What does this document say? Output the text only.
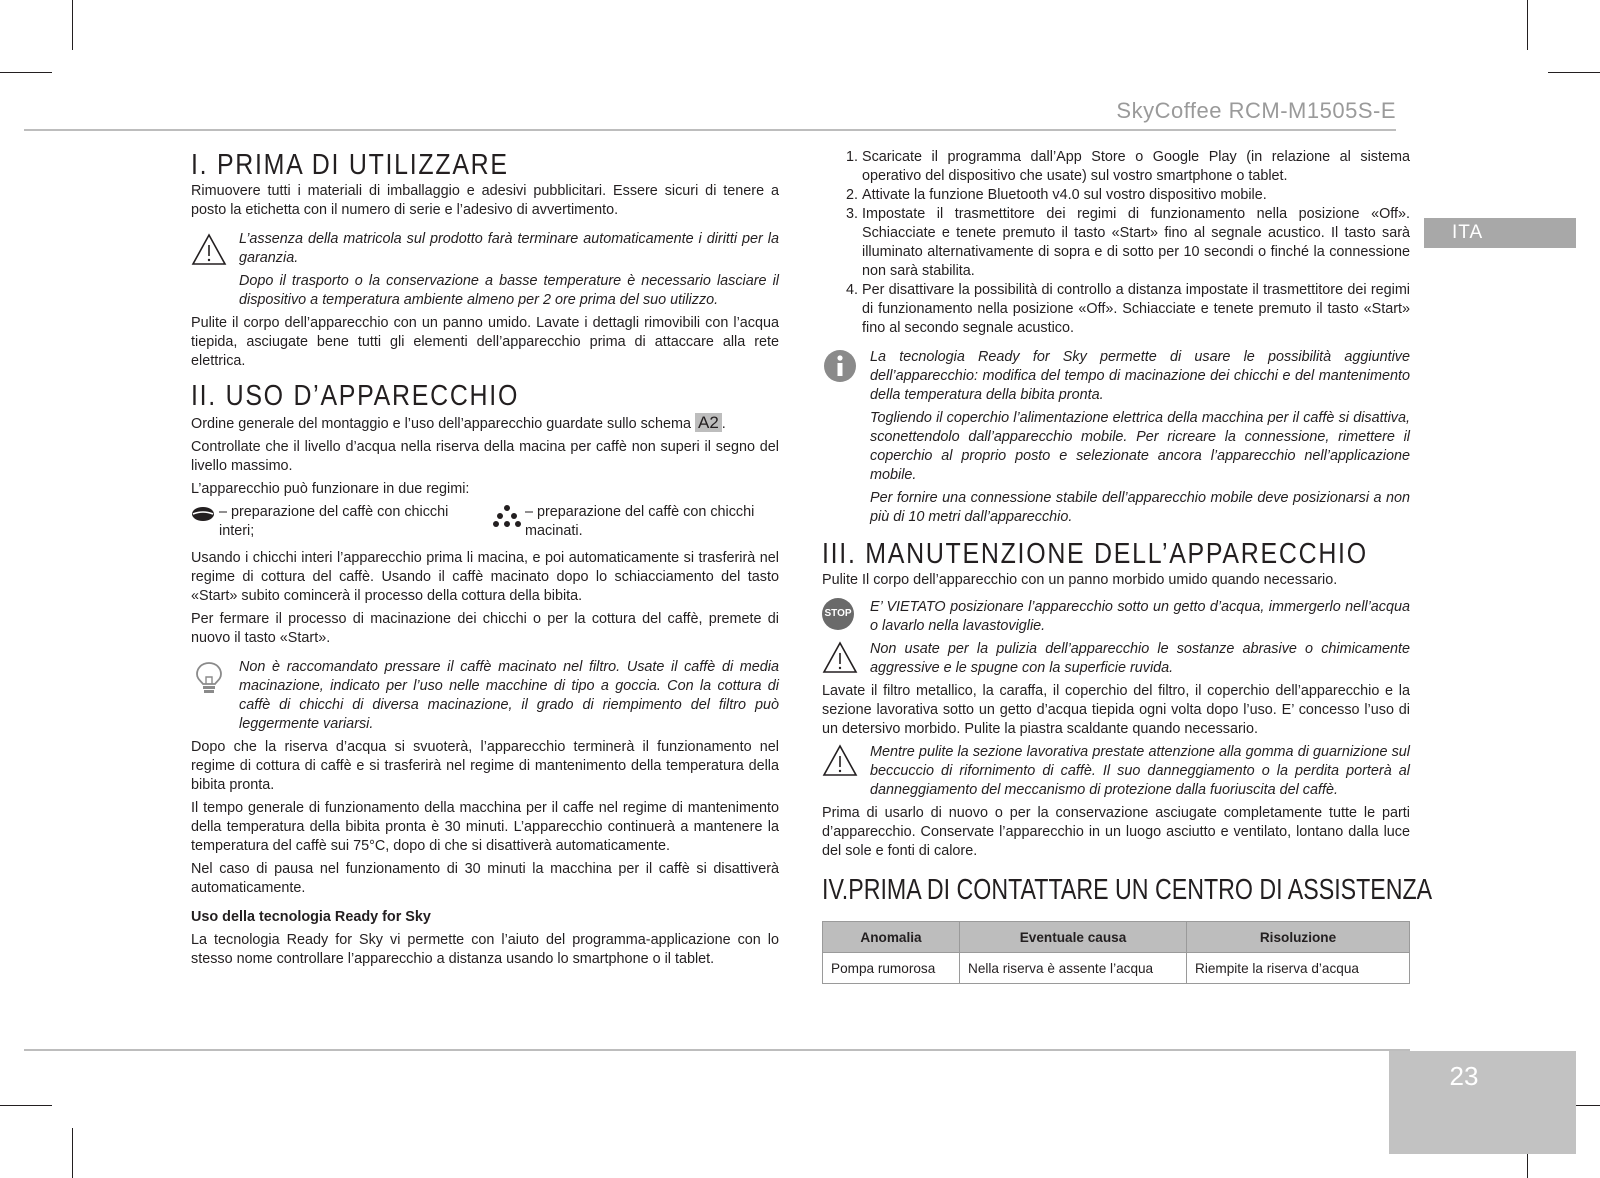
SkyCoffee RCM-M1505S-E
ITA
23
I. PRIMA DI UTILIZZARE

Rimuovere tutti i materiali di imballaggio e adesivi pubblicitari. Essere sicuri di tenere a posto la etichetta con il numero di serie e l’adesivo di avvertimento.

L’assenza della matricola sul prodotto farà terminare automaticamente i diritti per la garanzia.

Dopo il trasporto o la conservazione a basse temperature è necessario lasciare il dispositivo a temperatura ambiente almeno per 2 ore prima del suo utilizzo.

Pulite il corpo dell’apparecchio con un panno umido. Lavate i dettagli rimovibili con l’acqua tiepida, asciugate bene tutti gli elementi dell’apparecchio prima di attaccare alla rete elettrica.

II. USO D’APPARECCHIO

Ordine generale del montaggio e l’uso dell’apparecchio guardate sullo schema A2 .

Controllate che il livello d’acqua nella riserva della macina per caffè non superi il segno del livello massimo.

L’apparecchio può funzionare in due regimi:

– preparazione del caffè con chicchi interi;
– preparazione del caffè con chicchi macinati.

Usando i chicchi interi l’apparecchio prima li macina, e poi automaticamente si trasferirà nel regime di cottura del caffè. Usando il caffè macinato dopo lo schiacciamento del tasto «Start» subito comincerà il processo della cottura della bibita.

Per fermare il processo di macinazione dei chicchi o per la cottura del caffè, premete di nuovo il tasto «Start».

Non è raccomandato pressare il caffè macinato nel filtro. Usate il caffè di media macinazione, indicato per l’uso nelle macchine di tipo a goccia. Con la cottura di caffè di chicchi di diversa macinazione, il grado di riempimento del filtro può leggermente variarsi.

Dopo che la riserva d’acqua si svuoterà, l’apparecchio terminerà il funzionamento nel regime di cottura di caffè e si trasferirà nel regime di mantenimento della temperatura della bibita pronta.

Il tempo generale di funzionamento della macchina per il caffe nel regime di mantenimento della temperatura della bibita pronta è 30 minuti. L’apparecchio continuerà a mantenere la temperatura del caffè sui 75°C, dopo di che si disattiverà automaticamente.

Nel caso di pausa nel funzionamento di 30 minuti la macchina per il caffè si disattiverà automaticamente.

Uso della tecnologia Ready for Sky

La tecnologia Ready for Sky vi permette con l’aiuto del programma-applicazione con lo stesso nome controllare l’apparecchio a distanza usando lo smartphone o il tablet.

1. Scaricate il programma dall’App Store o Google Play (in relazione al sistema operativo del dispositivo che usate) sul vostro smartphone o tablet.
2. Attivate la funzione Bluetooth v4.0 sul vostro dispositivo mobile.
3. Impostate il trasmettitore dei regimi di funzionamento nella posizione «Off». Schiacciate e tenete premuto il tasto «Start» fino al segnale acustico. Il tasto sarà illuminato alternativamente di sopra e di sotto per 10 secondi o finché la connessione non sarà stabilita.
4. Per disattivare la possibilità di controllo a distanza impostate il trasmettitore dei regimi di funzionamento nella posizione «Off». Schiacciate e tenete premuto il tasto «Start» fino al secondo segnale acustico.

La tecnologia Ready for Sky permette di usare le possibilità aggiuntive dell’apparecchio: modifica del tempo di macinazione dei chicchi e del mantenimento della temperatura della bibita pronta.

Togliendo il coperchio l’alimentazione elettrica della macchina per il caffè si disattiva, sconettendolo dall’apparecchio mobile. Per ricreare la connessione, rimettere il coperchio al proprio posto e selezionate ancora l’apparecchio nell’applicazione mobile.

Per fornire una connessione stabile dell’apparecchio mobile deve posizionarsi a non più di 10 metri dall’apparecchio.

III. MANUTENZIONE DELL’APPARECCHIO

Pulite Il corpo dell’apparecchio con un panno morbido umido quando necessario.

STOP E’ VIETATO posizionare l’apparecchio sotto un getto d’acqua, immergerlo nell’acqua o lavarlo nella lavastoviglie.

Non usate per la pulizia dell’apparecchio le sostanze abrasive o chimicamente aggressive e le spugne con la superficie ruvida.

Lavate il filtro metallico, la caraffa, il coperchio del filtro, il coperchio dell’apparecchio e la sezione lavorativa sotto un getto d’acqua tiepida ogni volta dopo l’uso. E’ concesso l’uso di un detersivo morbido. Pulite la piastra scaldante quando necessario.

Mentre pulite la sezione lavorativa prestate attenzione alla gomma di guarnizione sul beccuccio di rifornimento di caffè. Il suo danneggiamento o la perdita porterà al danneggiamento del meccanismo di protezione dalla fuoriuscita del caffè.

Prima di usarlo di nuovo o per la conservazione asciugate completamente tutte le parti d’apparecchio. Conservate l’apparecchio in un luogo asciutto e ventilato, lontano dalla luce del sole e fonti di calore.

IV.PRIMA DI CONTATTARE UN CENTRO DI ASSISTENZA
Anomalia	Eventuale causa	Risoluzione
Pompa rumorosa	Nella riserva è assente l’acqua	Riempite la riserva d’acqua
